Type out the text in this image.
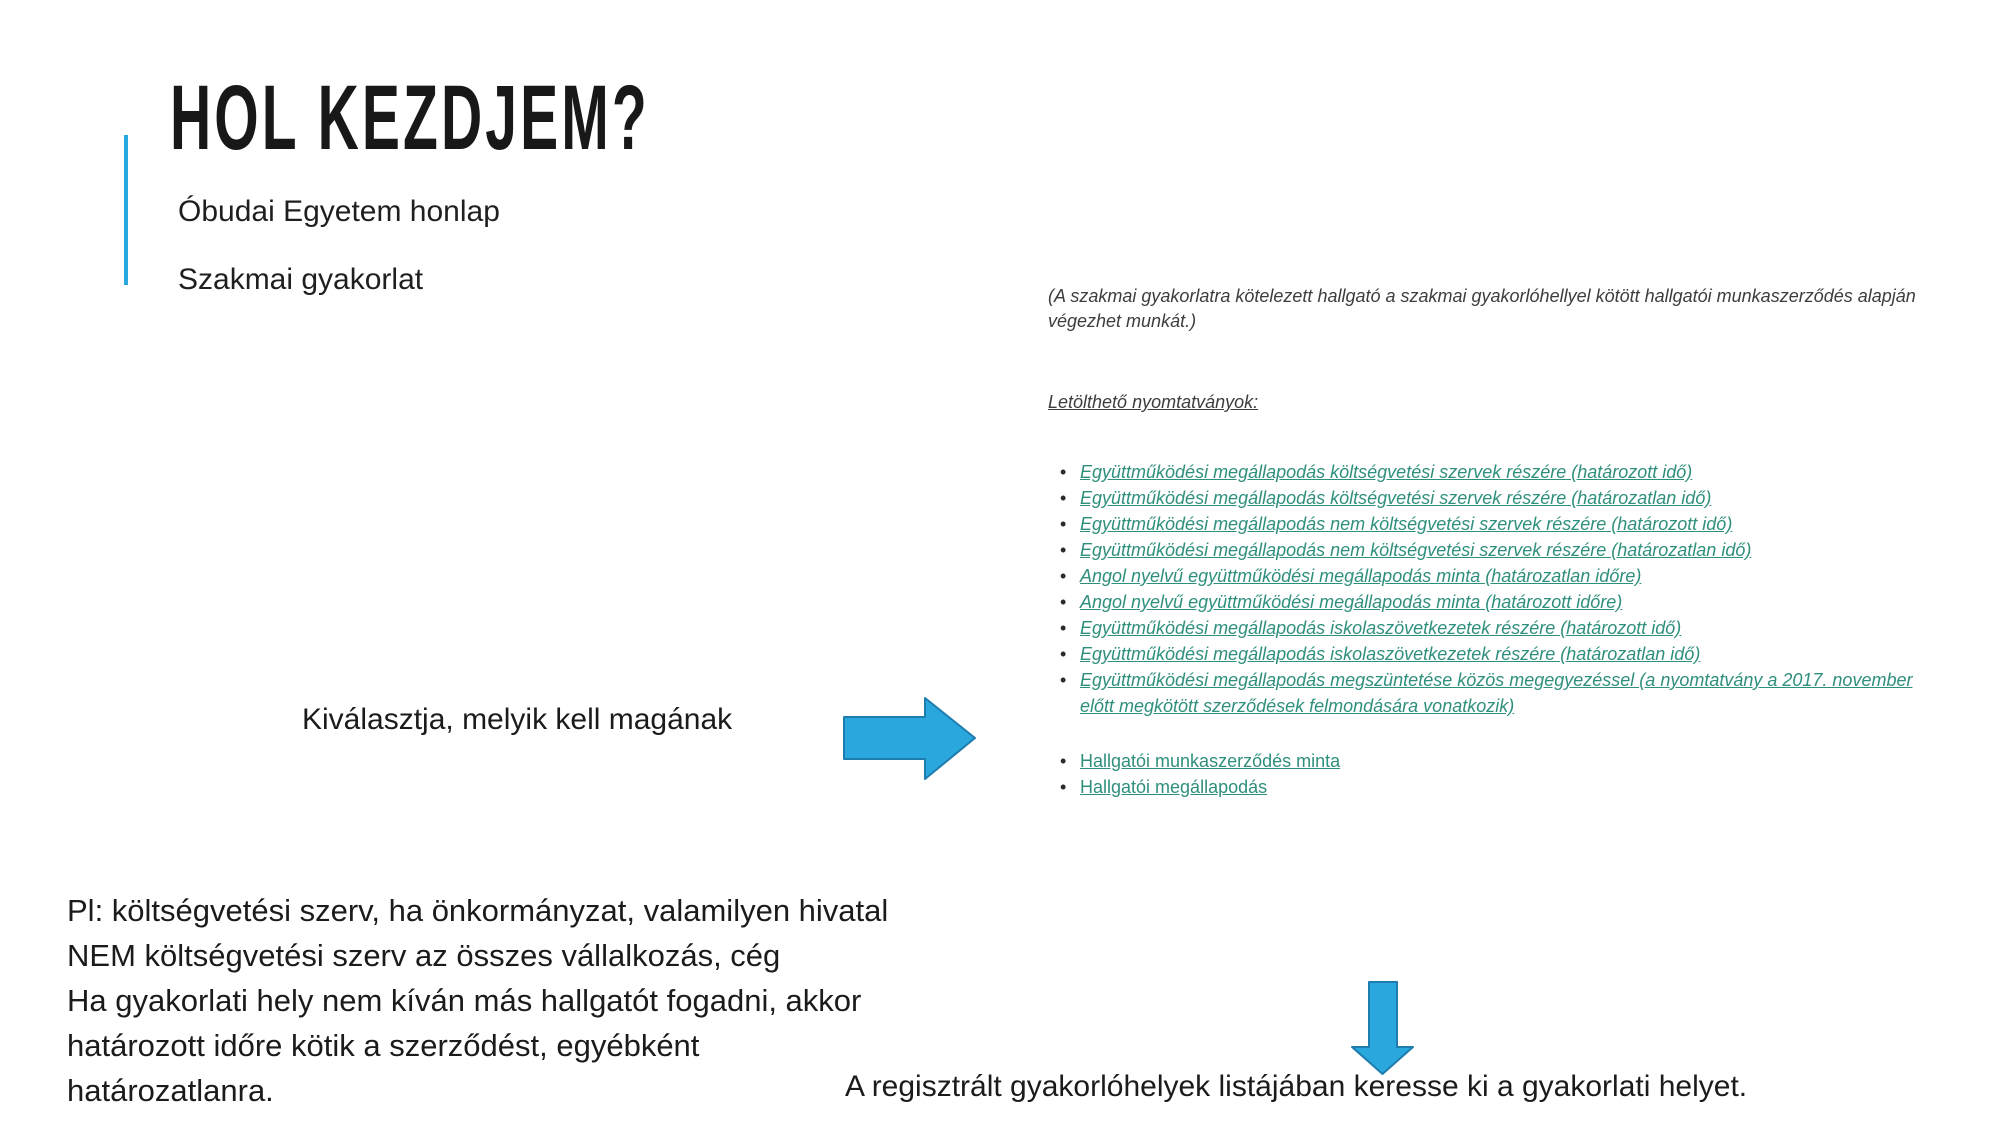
HOL KEZDJEM?
Óbudai Egyetem honlap
Szakmai gyakorlat	(A szakmai gyakorlatra kötelezett hallgató a szakmai gyakorlóhellyel kötött hallgatói munkaszerződés alapján végezhet munkát.)

Letölthető nyomtatványok:

• Együttműködési megállapodás költségvetési szervek részére (határozott idő)
• Együttműködési megállapodás költségvetési szervek részére (határozatlan idő)
• Együttműködési megállapodás nem költségvetési szervek részére (határozott idő)
• Együttműködési megállapodás nem költségvetési szervek részére (határozatlan idő)
• Angol nyelvű együttműködési megállapodás minta (határozatlan időre)
• Angol nyelvű együttműködési megállapodás minta (határozott időre)
• Együttműködési megállapodás iskolaszövetkezetek részére (határozott idő)
• Együttműködési megállapodás iskolaszövetkezetek részére (határozatlan idő)
• Együttműködési megállapodás megszüntetése közös megegyezéssel (a nyomtatvány a 2017. november előtt megkötött szerződések felmondására vonatkozik)
• Hallgatói munkaszerződés minta
• Hallgatói megállapodás
Kiválasztja, melyik kell magának
Pl: költségvetési szerv, ha önkormányzat, valamilyen hivatal
NEM költségvetési szerv az összes vállalkozás, cég
Ha gyakorlati hely nem kíván más hallgatót fogadni, akkor
határozott időre kötik a szerződést, egyébként
határozatlanra.	A regisztrált gyakorlóhelyek listájában keresse ki a gyakorlati helyet.
